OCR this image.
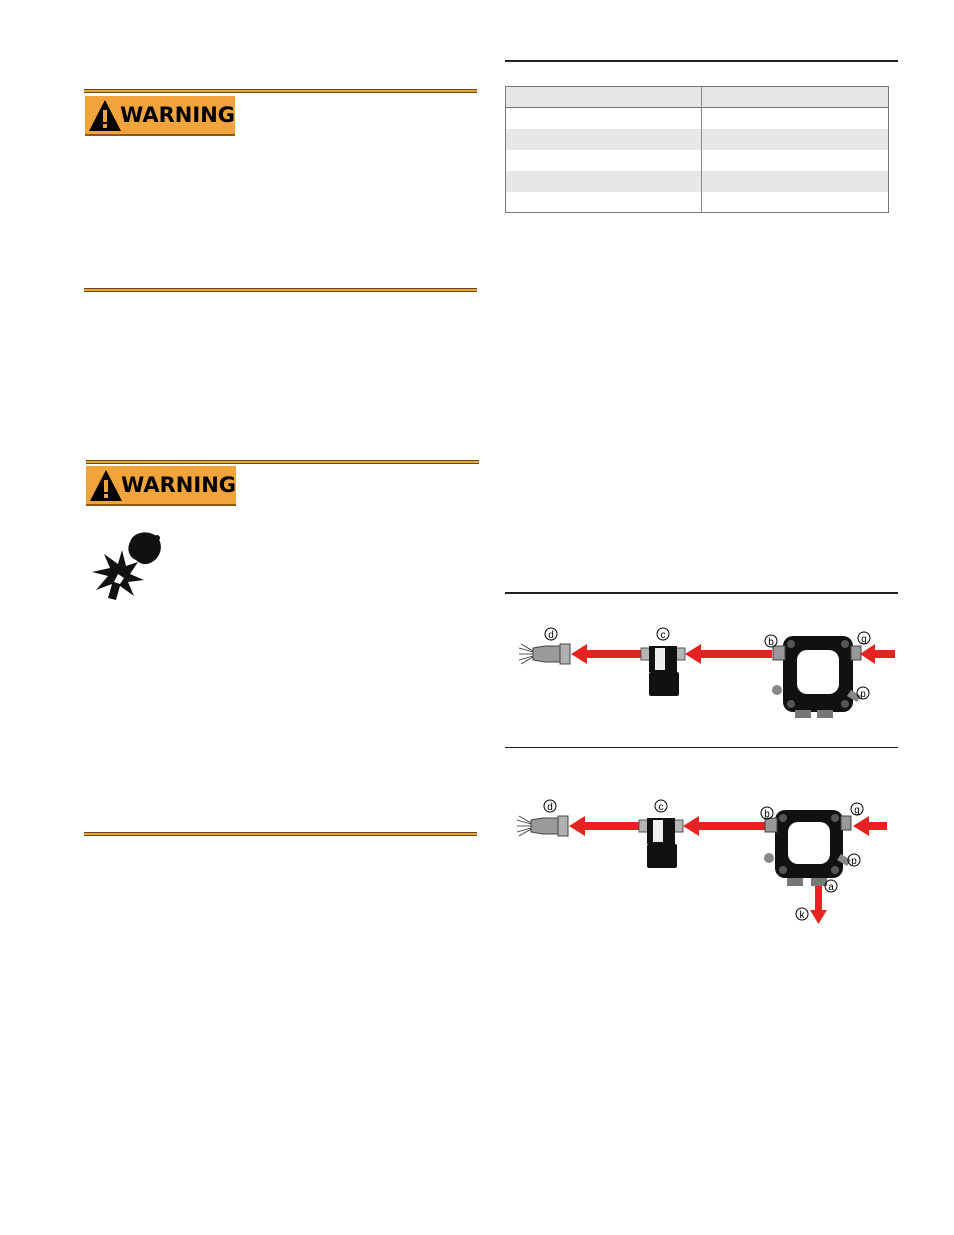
WARNING
WARNING

d	c
b	g
p
d	c
b	g
p
a
k
